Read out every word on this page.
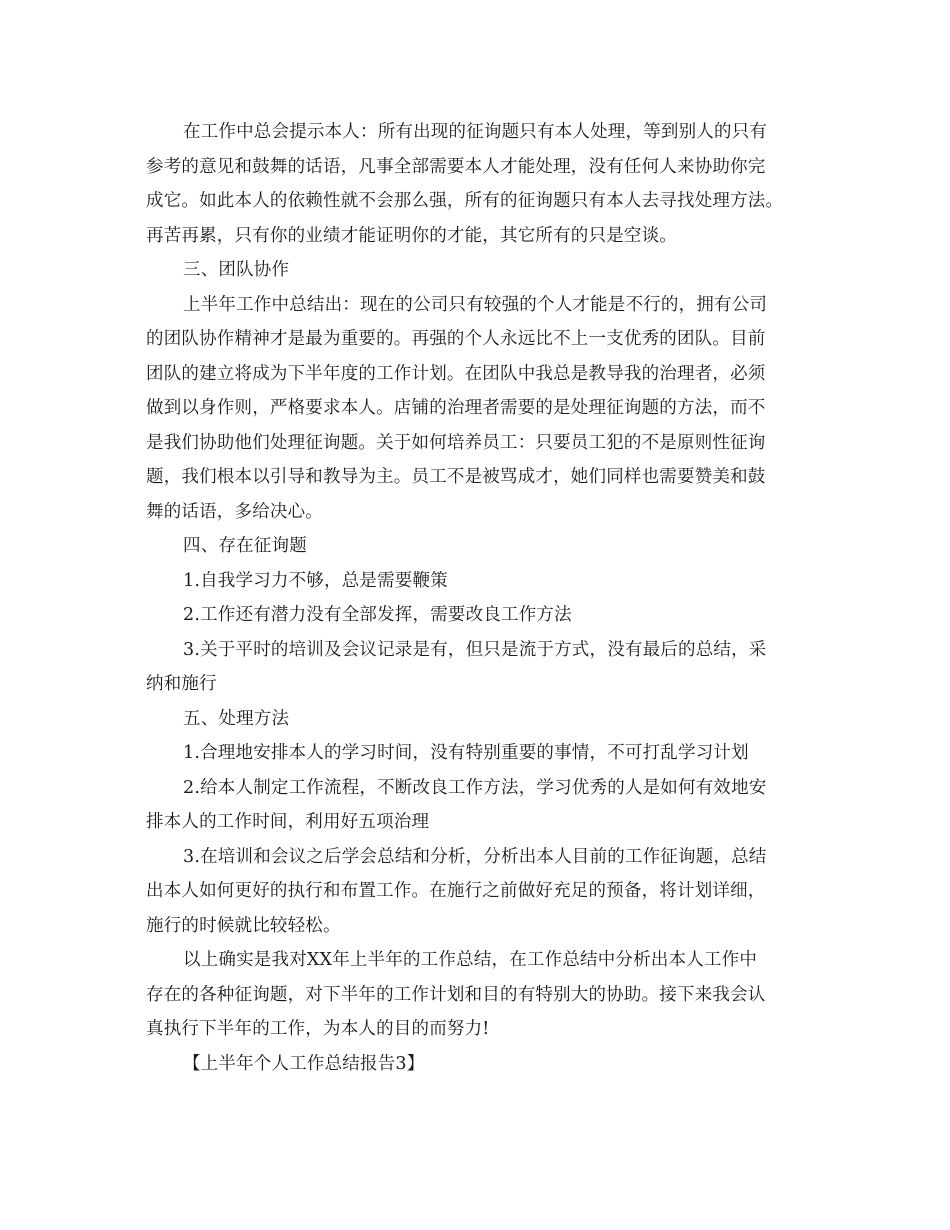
在工作中总会提示本人：所有出现的征询题只有本人处理，等到别人的只有
参考的意见和鼓舞的话语，凡事全部需要本人才能处理，没有任何人来协助你完
成它。如此本人的依赖性就不会那么强，所有的征询题只有本人去寻找处理方法。
再苦再累，只有你的业绩才能证明你的才能，其它所有的只是空谈。
三、团队协作
上半年工作中总结出：现在的公司只有较强的个人才能是不行的，拥有公司
的团队协作精神才是最为重要的。再强的个人永远比不上一支优秀的团队。目前
团队的建立将成为下半年度的工作计划。在团队中我总是教导我的治理者，必须
做到以身作则，严格要求本人。店铺的治理者需要的是处理征询题的方法，而不
是我们协助他们处理征询题。关于如何培养员工：只要员工犯的不是原则性征询
题，我们根本以引导和教导为主。员工不是被骂成才，她们同样也需要赞美和鼓
舞的话语，多给决心。
四、存在征询题
1.自我学习力不够，总是需要鞭策
2.工作还有潜力没有全部发挥，需要改良工作方法
3.关于平时的培训及会议记录是有，但只是流于方式，没有最后的总结，采
纳和施行
五、处理方法
1.合理地安排本人的学习时间，没有特别重要的事情，不可打乱学习计划
2.给本人制定工作流程，不断改良工作方法，学习优秀的人是如何有效地安
排本人的工作时间，利用好五项治理
3.在培训和会议之后学会总结和分析，分析出本人目前的工作征询题，总结
出本人如何更好的执行和布置工作。在施行之前做好充足的预备，将计划详细，
施行的时候就比较轻松。
以上确实是我对XX年上半年的工作总结，在工作总结中分析出本人工作中
存在的各种征询题，对下半年的工作计划和目的有特别大的协助。接下来我会认
真执行下半年的工作，为本人的目的而努力!
【上半年个人工作总结报告3】
